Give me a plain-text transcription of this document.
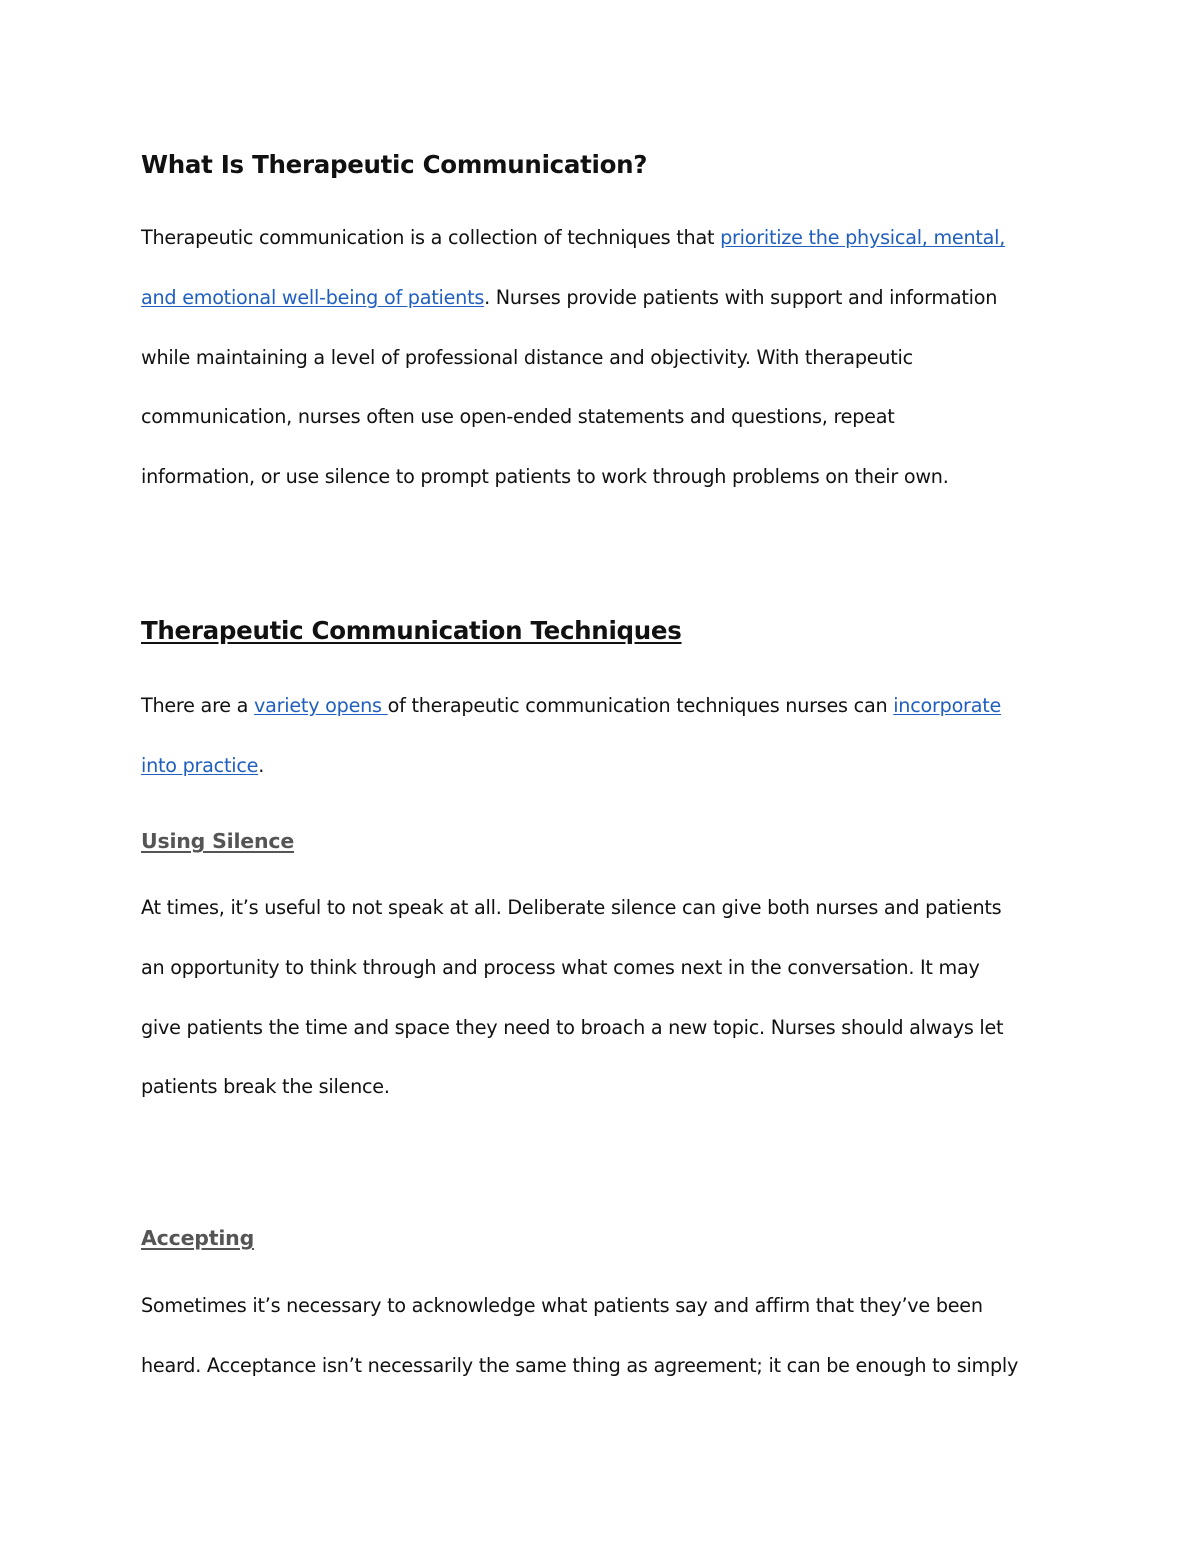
What Is Therapeutic Communication?

Therapeutic communication is a collection of techniques that prioritize the physical, mental,
and emotional well-being of patients. Nurses provide patients with support and information
while maintaining a level of professional distance and objectivity. With therapeutic
communication, nurses often use open-ended statements and questions, repeat
information, or use silence to prompt patients to work through problems on their own.

Therapeutic Communication Techniques

There are a variety opens of therapeutic communication techniques nurses can incorporate
into practice.

Using Silence

At times, it’s useful to not speak at all. Deliberate silence can give both nurses and patients
an opportunity to think through and process what comes next in the conversation. It may
give patients the time and space they need to broach a new topic. Nurses should always let
patients break the silence.

Accepting

Sometimes it’s necessary to acknowledge what patients say and affirm that they’ve been
heard. Acceptance isn’t necessarily the same thing as agreement; it can be enough to simply
